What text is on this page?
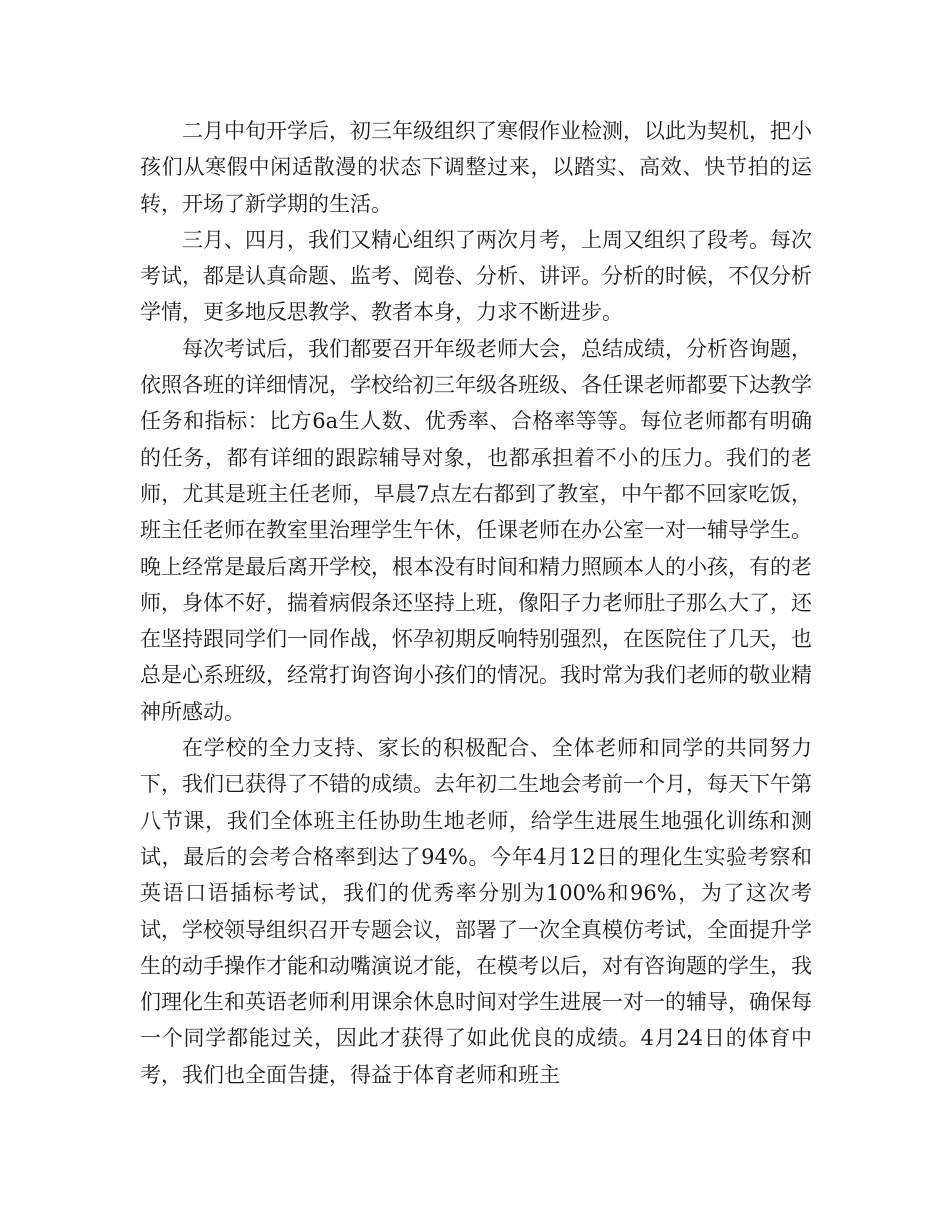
二月中旬开学后，初三年级组织了寒假作业检测，以此为契机，把小孩们从寒假中闲适散漫的状态下调整过来，以踏实、高效、快节拍的运转，开场了新学期的生活。

三月、四月，我们又精心组织了两次月考，上周又组织了段考。每次考试，都是认真命题、监考、阅卷、分析、讲评。分析的时候，不仅分析学情，更多地反思教学、教者本身，力求不断进步。

每次考试后，我们都要召开年级老师大会，总结成绩，分析咨询题，依照各班的详细情况，学校给初三年级各班级、各任课老师都要下达教学任务和指标：比方6a生人数、优秀率、合格率等等。每位老师都有明确的任务，都有详细的跟踪辅导对象，也都承担着不小的压力。我们的老师，尤其是班主任老师，早晨7点左右都到了教室，中午都不回家吃饭，班主任老师在教室里治理学生午休，任课老师在办公室一对一辅导学生。晚上经常是最后离开学校，根本没有时间和精力照顾本人的小孩，有的老师，身体不好，揣着病假条还坚持上班，像阳子力老师肚子那么大了，还在坚持跟同学们一同作战，怀孕初期反响特别强烈，在医院住了几天，也总是心系班级，经常打询咨询小孩们的情况。我时常为我们老师的敬业精神所感动。

在学校的全力支持、家长的积极配合、全体老师和同学的共同努力下，我们已获得了不错的成绩。去年初二生地会考前一个月，每天下午第八节课，我们全体班主任协助生地老师，给学生进展生地强化训练和测试，最后的会考合格率到达了94%。今年4月12日的理化生实验考察和英语口语插标考试，我们的优秀率分别为100%和96%，为了这次考试，学校领导组织召开专题会议，部署了一次全真模仿考试，全面提升学生的动手操作才能和动嘴演说才能，在模考以后，对有咨询题的学生，我们理化生和英语老师利用课余休息时间对学生进展一对一的辅导，确保每一个同学都能过关，因此才获得了如此优良的成绩。4月24日的体育中考，我们也全面告捷，得益于体育老师和班主
